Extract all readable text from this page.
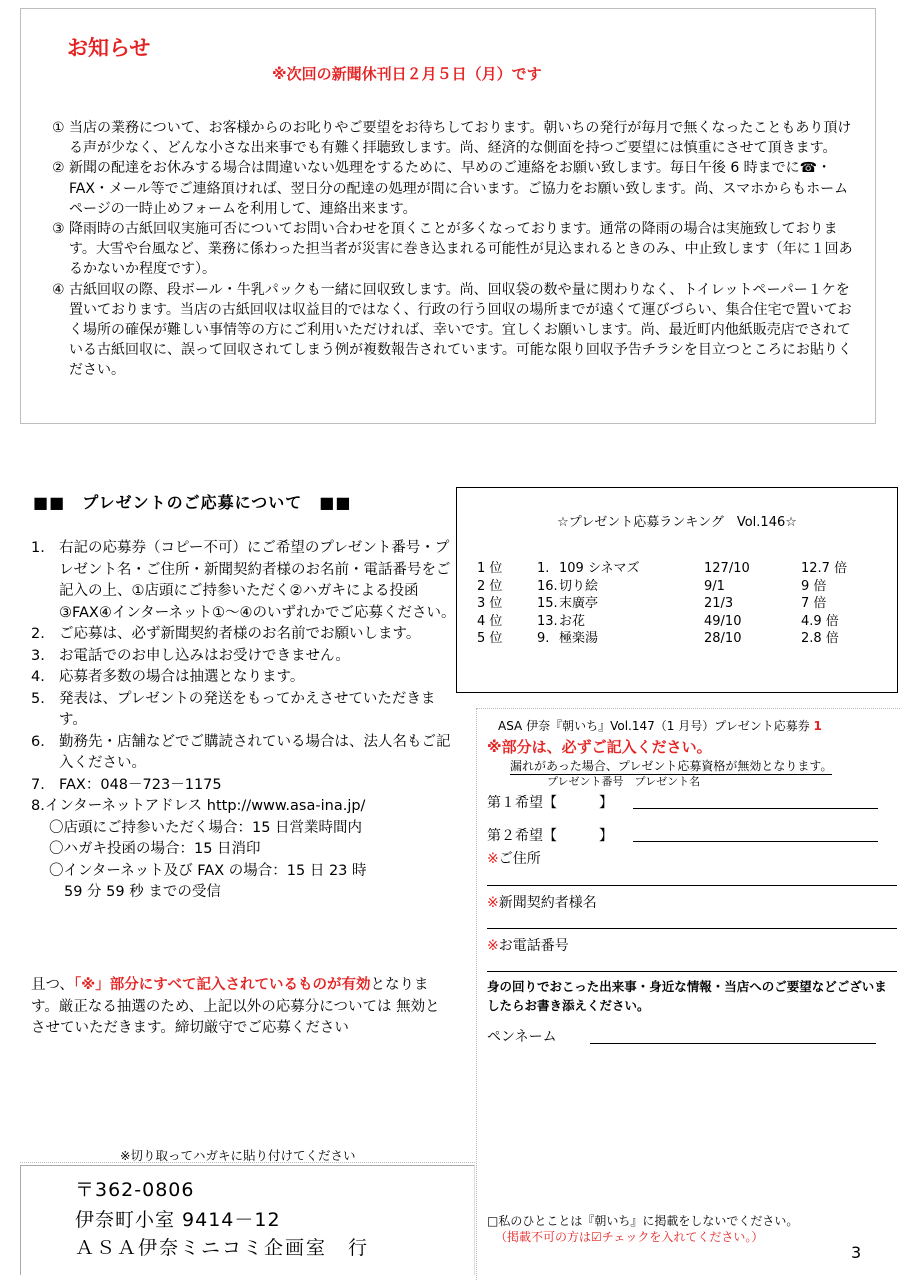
お知らせ
※次回の新聞休刊日２月５日（月）です
① 当店の業務について、お客様からのお叱りやご要望をお待ちしております。朝いちの発行が毎月で無くなったこともあり頂ける声が少なく、どんな小さな出来事でも有難く拝聴致します。尚、経済的な側面を持つご要望には慎重にさせて頂きます。
② 新聞の配達をお休みする場合は間違いない処理をするために、早めのご連絡をお願い致します。毎日午後 6 時までに☎・FAX・メール等でご連絡頂ければ、翌日分の配達の処理が間に合います。ご協力をお願い致します。尚、スマホからもホームページの一時止めフォームを利用して、連絡出来ます。
③ 降雨時の古紙回収実施可否についてお問い合わせを頂くことが多くなっております。通常の降雨の場合は実施致しております。大雪や台風など、業務に係わった担当者が災害に巻き込まれる可能性が見込まれるときのみ、中止致します（年に１回あるかないか程度です）。
④ 古紙回収の際、段ボール・牛乳パックも一緒に回収致します。尚、回収袋の数や量に関わりなく、トイレットペーパー１ケを置いております。当店の古紙回収は収益目的ではなく、行政の行う回収の場所までが遠くて運びづらい、集合住宅で置いておく場所の確保が難しい事情等の方にご利用いただければ、幸いです。宜しくお願いします。尚、最近町内他紙販売店でされている古紙回収に、誤って回収されてしまう例が複数報告されています。可能な限り回収予告チラシを目立つところにお貼りください。
■■　プレゼントのご応募について　■■
1. 右記の応募券（コピー不可）にご希望のプレゼント番号・プレゼント名・ご住所・新聞契約者様のお名前・電話番号をご記入の上、①店頭にご持参いただく②ハガキによる投函③FAX④インターネット①～④のいずれかでご応募ください。
2. ご応募は、必ず新聞契約者様のお名前でお願いします。
3. お電話でのお申し込みはお受けできません。
4. 応募者多数の場合は抽選となります。
5. 発表は、プレゼントの発送をもってかえさせていただきます。
6. 勤務先・店舗などでご購読されている場合は、法人名もご記入ください。
7. FAX：048－723－1175
8.インターネットアドレス http://www.asa-ina.jp/
〇店頭にご持参いただく場合：15 日営業時間内
〇ハガキ投函の場合：15 日消印
〇インターネット及び FAX の場合：15 日 23 時
59 分 59 秒 までの受信
且つ、「※」部分にすべて記入されているものが有効となります。厳正なる抽選のため、上記以外の応募分については 無効とさせていただきます。締切厳守でご応募ください
☆プレゼント応募ランキング　Vol.146☆
1 位	1.	109 シネマズ	127/10	12.7 倍
2 位	16.	切り絵	9/1	9 倍
3 位	15.	末廣亭	21/3	7 倍
4 位	13.	お花	49/10	4.9 倍
5 位	9.	極楽湯	28/10	2.8 倍
ASA 伊奈『朝いち』Vol.147（1 月号）プレゼント応募券 1
※部分は、必ずご記入ください。
漏れがあった場合、プレゼント応募資格が無効となります。
プレゼント番号　プレゼント名
第１希望【　　　】
第２希望【　　　】
※ご住所
※新聞契約者様名
※お電話番号
身の回りでおこった出来事・身近な情報・当店へのご要望などございましたらお書き添えください。
ペンネーム
□私のひとことは『朝いち』に掲載をしないでください。
（掲載不可の方は☑チェックを入れてください。）
※切り取ってハガキに貼り付けてください
〒362-0806
伊奈町小室 9414－12
ＡＳＡ伊奈ミニコミ企画室　行	3
